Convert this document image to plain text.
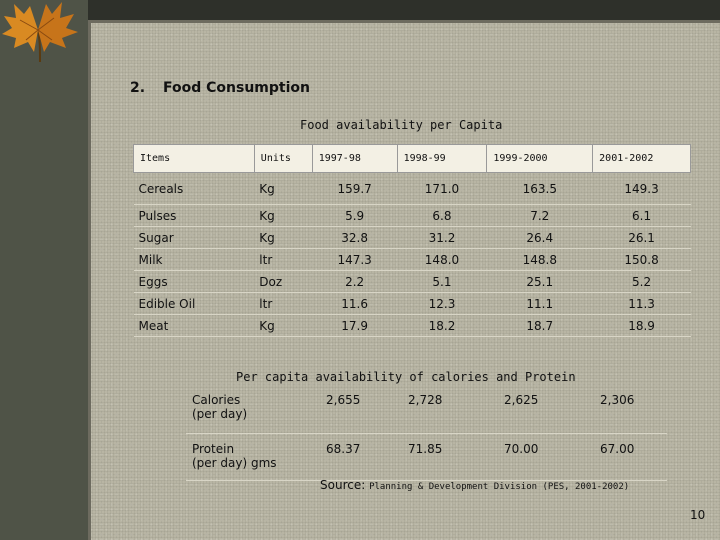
2. Food Consumption
Food availability per Capita
Items	Units	1997-98	1998-99	1999-2000	2001-2002
Cereals	Kg	159.7	171.0	163.5	149.3
Pulses	Kg	5.9	6.8	7.2	6.1
Sugar	Kg	32.8	31.2	26.4	26.1
Milk	ltr	147.3	148.0	148.8	150.8
Eggs	Doz	2.2	5.1	25.1	5.2
Edible Oil	ltr	11.6	12.3	11.1	11.3
Meat	Kg	17.9	18.2	18.7	18.9
Per capita availability of calories and Protein
Calories
(per day)	2,655	2,728	2,625	2,306
Protein
(per day) gms	68.37	71.85	70.00	67.00
Source: Planning & Development Division (PES, 2001-2002)
10
